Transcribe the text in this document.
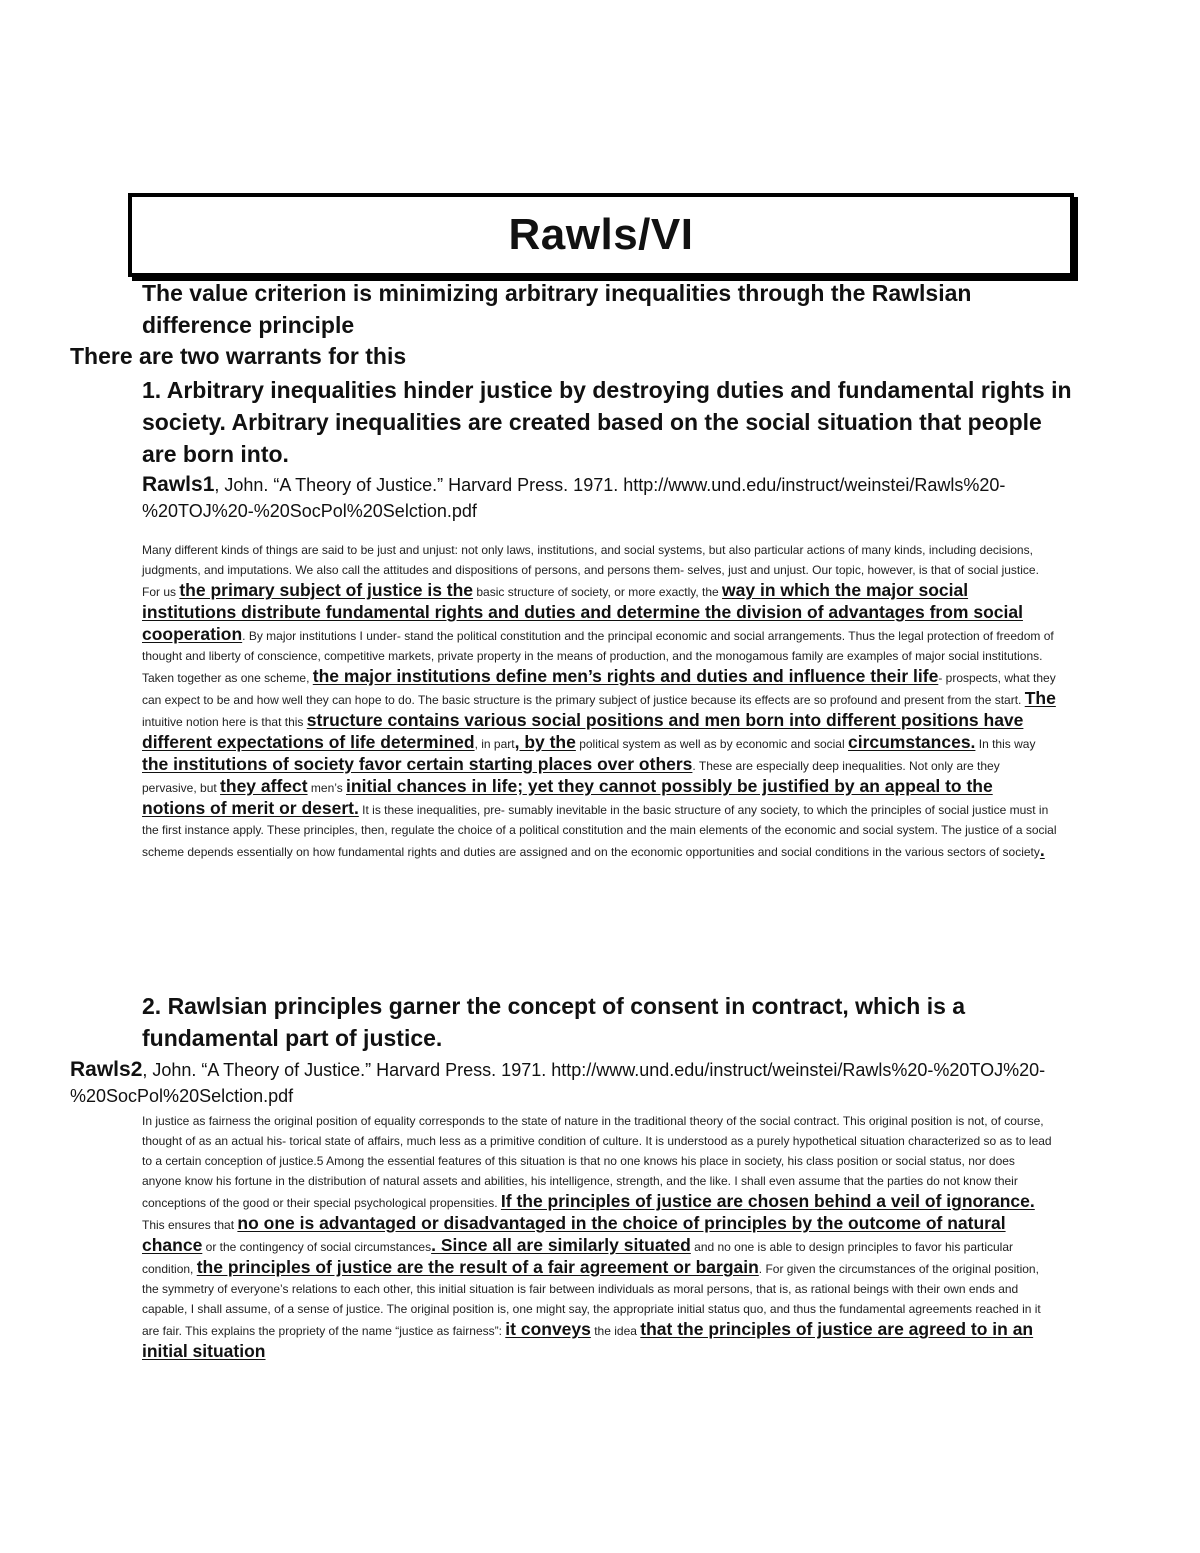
Rawls/VI

The value criterion is minimizing arbitrary inequalities through the Rawlsian difference principle

There are two warrants for this

1. Arbitrary inequalities hinder justice by destroying duties and fundamental rights in society. Arbitrary inequalities are created based on the social situation that people are born into.

Rawls1, John. “A Theory of Justice.” Harvard Press. 1971. http://www.und.edu/instruct/weinstei/Rawls%20-%20TOJ%20-%20SocPol%20Selction.pdf

Many different kinds of things are said to be just and unjust: not only laws, institutions, and social systems, but also particular actions of many kinds, including decisions, judgments, and imputations. We also call the attitudes and dispositions of persons, and persons them- selves, just and unjust. Our topic, however, is that of social justice. For us the primary subject of justice is the basic structure of society, or more exactly, the way in which the major social institutions distribute fundamental rights and duties and determine the division of advantages from social cooperation. By major institutions I under- stand the political constitution and the principal economic and social arrangements. Thus the legal protection of freedom of thought and liberty of conscience, competitive markets, private property in the means of production, and the monogamous family are examples of major social institutions. Taken together as one scheme, the major institutions define men’s rights and duties and influence their life- prospects, what they can expect to be and how well they can hope to do. The basic structure is the primary subject of justice because its effects are so profound and present from the start. The intuitive notion here is that this structure contains various social positions and men born into different positions have different expectations of life determined, in part, by the political system as well as by economic and social circumstances. In this way the institutions of society favor certain starting places over others. These are especially deep inequalities. Not only are they pervasive, but they affect men’s initial chances in life; yet they cannot possibly be justified by an appeal to the notions of merit or desert. It is these inequalities, pre- sumably inevitable in the basic structure of any society, to which the principles of social justice must in the first instance apply. These principles, then, regulate the choice of a political constitution and the main elements of the economic and social system. The justice of a social scheme depends essentially on how fundamental rights and duties are assigned and on the economic opportunities and social conditions in the various sectors of society.

2. Rawlsian principles garner the concept of consent in contract, which is a fundamental part of justice.

Rawls2, John. “A Theory of Justice.” Harvard Press. 1971. http://www.und.edu/instruct/weinstei/Rawls%20-%20TOJ%20-%20SocPol%20Selction.pdf

In justice as fairness the original position of equality corresponds to the state of nature in the traditional theory of the social contract. This original position is not, of course, thought of as an actual his- torical state of affairs, much less as a primitive condition of culture. It is understood as a purely hypothetical situation characterized so as to lead to a certain conception of justice.5 Among the essential features of this situation is that no one knows his place in society, his class position or social status, nor does anyone know his fortune in the distribution of natural assets and abilities, his intelligence, strength, and the like. I shall even assume that the parties do not know their conceptions of the good or their special psychological propensities. If the principles of justice are chosen behind a veil of ignorance. This ensures that no one is advantaged or disadvantaged in the choice of principles by the outcome of natural chance or the contingency of social circumstances. Since all are similarly situated and no one is able to design principles to favor his particular condition, the principles of justice are the result of a fair agreement or bargain. For given the circumstances of the original position, the symmetry of everyone’s relations to each other, this initial situation is fair between individuals as moral persons, that is, as rational beings with their own ends and capable, I shall assume, of a sense of justice. The original position is, one might say, the appropriate initial status quo, and thus the fundamental agreements reached in it are fair. This explains the propriety of the name “justice as fairness”: it conveys the idea that the principles of justice are agreed to in an initial situation
